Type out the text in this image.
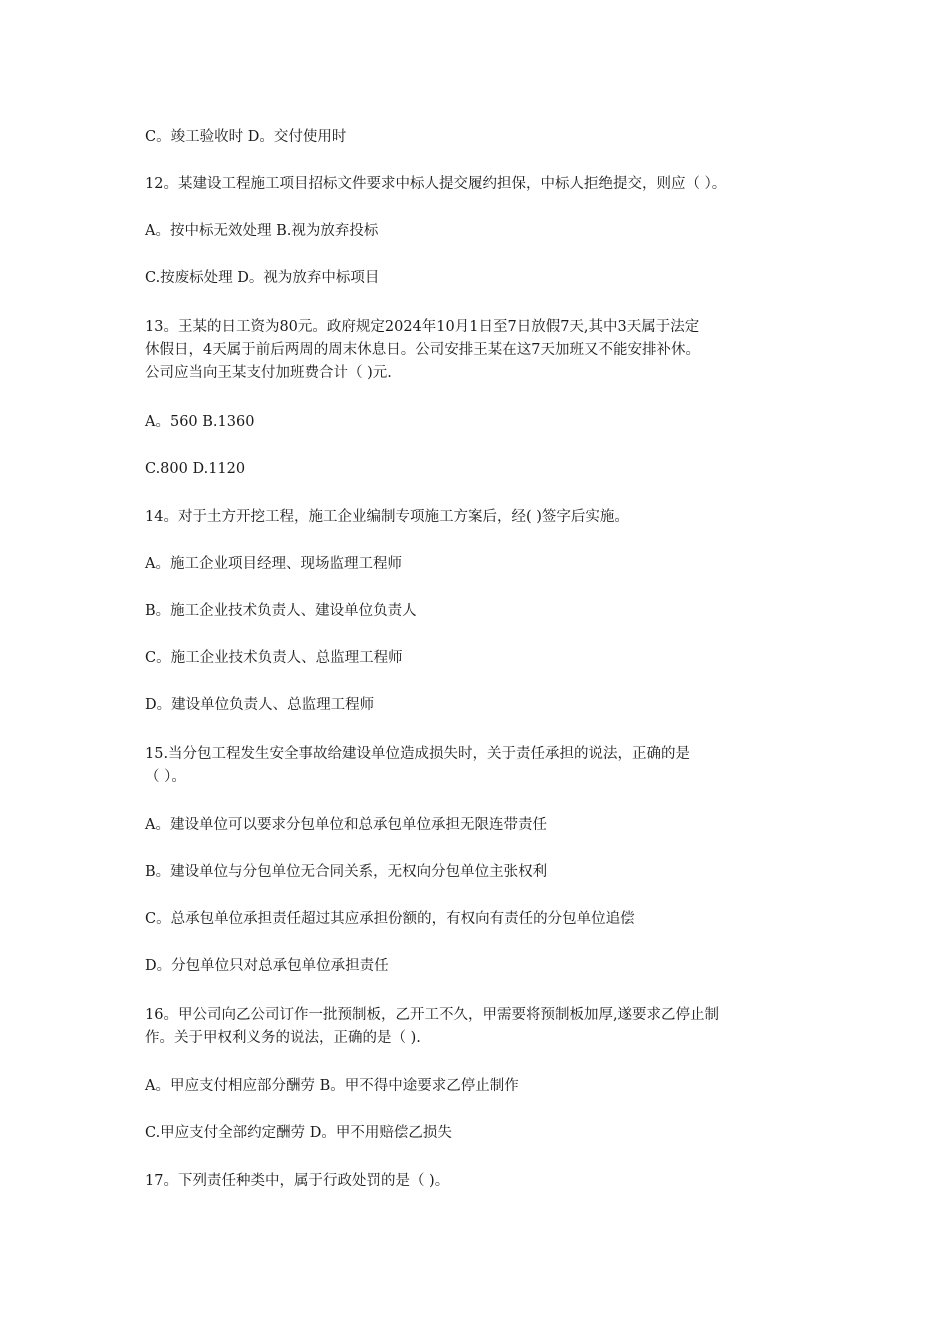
C。竣工验收时 D。交付使用时
12。某建设工程施工项目招标文件要求中标人提交履约担保，中标人拒绝提交，则应（ ）。
A。按中标无效处理 B.视为放弃投标
C.按废标处理 D。视为放弃中标项目
13。王某的日工资为80元。政府规定2024年10月1日至7日放假7天,其中3天属于法定
休假日，4天属于前后两周的周末休息日。公司安排王某在这7天加班又不能安排补休。
公司应当向王某支付加班费合计（ )元.
A。560 B.1360
C.800 D.1120
14。对于土方开挖工程，施工企业编制专项施工方案后，经( )签字后实施。
A。施工企业项目经理、现场监理工程师
B。施工企业技术负责人、建设单位负责人
C。施工企业技术负责人、总监理工程师
D。建设单位负责人、总监理工程师
15.当分包工程发生安全事故给建设单位造成损失时，关于责任承担的说法，正确的是
（ ）。
A。建设单位可以要求分包单位和总承包单位承担无限连带责任
B。建设单位与分包单位无合同关系，无权向分包单位主张权利
C。总承包单位承担责任超过其应承担份额的，有权向有责任的分包单位追偿
D。分包单位只对总承包单位承担责任
16。甲公司向乙公司订作一批预制板，乙开工不久，甲需要将预制板加厚,遂要求乙停止制
作。关于甲权利义务的说法，正确的是（ ).
A。甲应支付相应部分酬劳 B。甲不得中途要求乙停止制作
C.甲应支付全部约定酬劳 D。甲不用赔偿乙损失
17。下列责任种类中，属于行政处罚的是（ )。
